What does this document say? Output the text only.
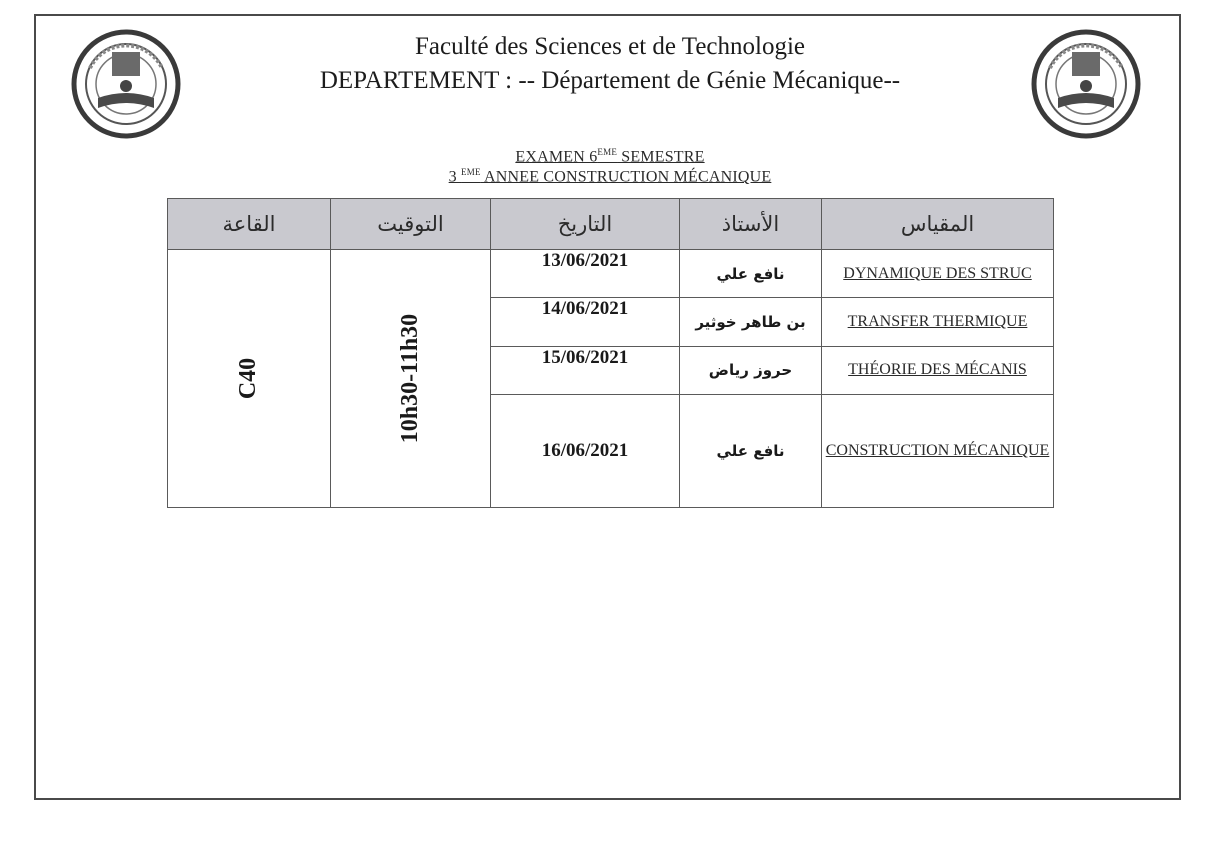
Faculté des Sciences et de Technologie
DEPARTEMENT : -- Département de Génie Mécanique--
EXAMEN 6EME SEMESTRE
3 $^{EME}$ ANNEE CONSTRUCTION MÉCANIQUE
القاعة	التوقيت	التاريخ	الأستاذ	المقياس
C40	10h30-11h30	13/06/2021	نافع علي	DYNAMIQUE DES STRUC
		14/06/2021	بن طاهر خوثير	TRANSFER THERMIQUE
		15/06/2021	حروز رياض	THÉORIE DES MÉCANIS
		16/06/2021	نافع علي	CONSTRUCTION MÉCANIQUE
